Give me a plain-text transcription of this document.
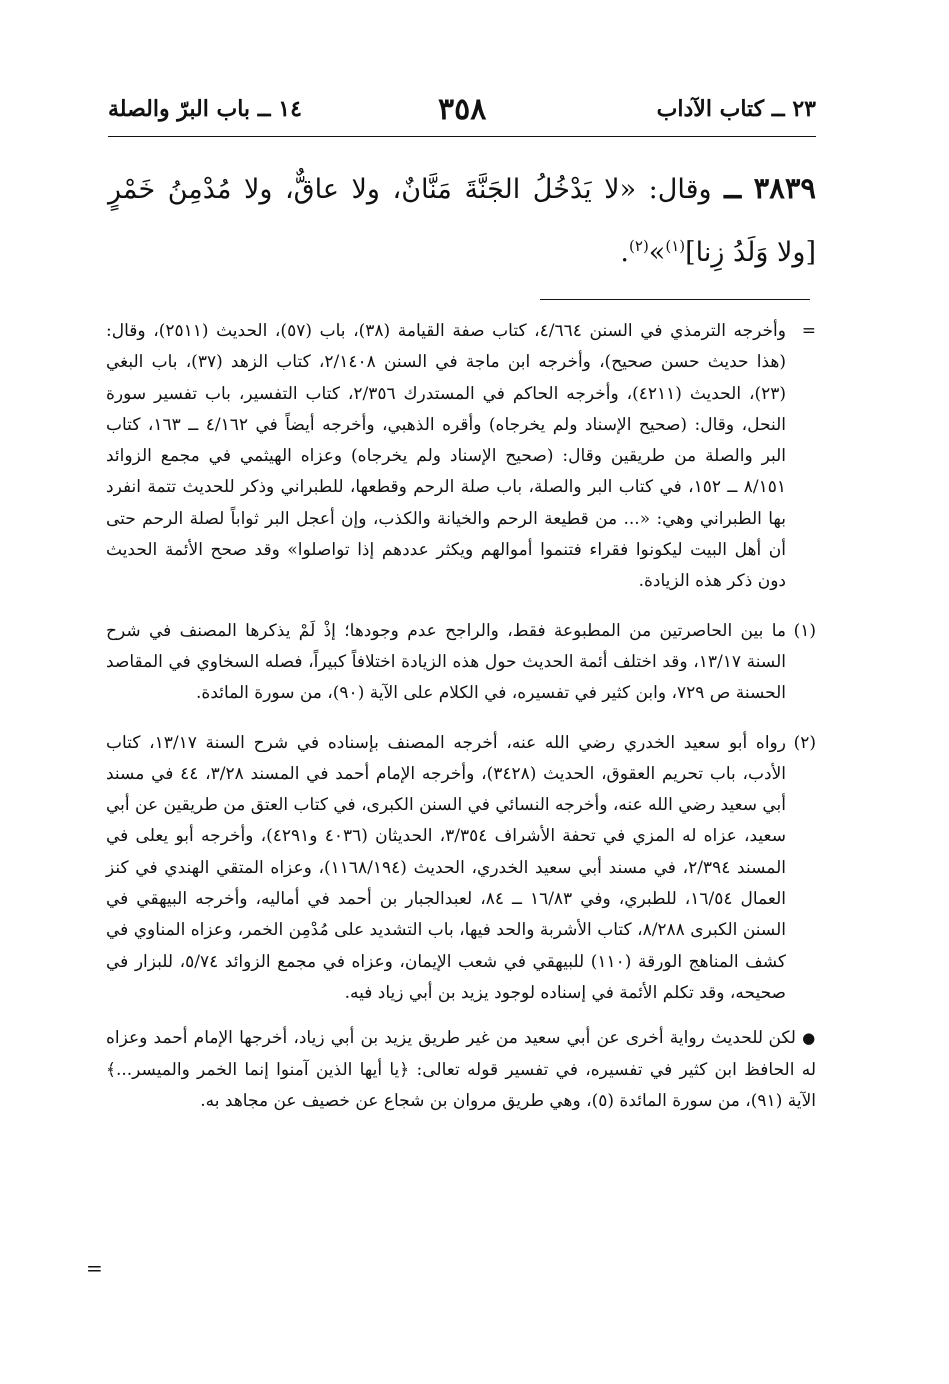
٢٣ ــ كتاب الآداب
٣٥٨
١٤ ــ باب البرّ والصلة
٣٨٣٩ ــ وقال: «لا يَدْخُلُ الجَنَّةَ مَنَّانٌ، ولا عاقٌّ، ولا مُدْمِنُ خَمْرٍ [ولا وَلَدُ زِنا]$^{(١)}$»$^{(٢)}$.
=
وأخرجه الترمذي في السنن ٤/٦٦٤، كتاب صفة القيامة (٣٨)، باب (٥٧)، الحديث (٢٥١١)، وقال: (هذا حديث حسن صحيح)، وأخرجه ابن ماجة في السنن ٢/١٤٠٨، كتاب الزهد (٣٧)، باب البغي (٢٣)، الحديث (٤٢١١)، وأخرجه الحاكم في المستدرك ٢/٣٥٦، كتاب التفسير، باب تفسير سورة النحل، وقال: (صحيح الإسناد ولم يخرجاه) وأقره الذهبي، وأخرجه أيضاً في ٤/١٦٢ ــ ١٦٣، كتاب البر والصلة من طريقين وقال: (صحيح الإسناد ولم يخرجاه) وعزاه الهيثمي في مجمع الزوائد ٨/١٥١ ــ ١٥٢، في كتاب البر والصلة، باب صلة الرحم وقطعها، للطبراني وذكر للحديث تتمة انفرد بها الطبراني وهي: «... من قطيعة الرحم والخيانة والكذب، وإن أعجل البر ثواباً لصلة الرحم حتى أن أهل البيت ليكونوا فقراء فتنموا أموالهم ويكثر عددهم إذا تواصلوا» وقد صحح الأئمة الحديث دون ذكر هذه الزيادة.
(١)
ما بين الحاصرتين من المطبوعة فقط، والراجح عدم وجودها؛ إذْ لَمْ يذكرها المصنف في شرح السنة ١٣/١٧، وقد اختلف أئمة الحديث حول هذه الزيادة اختلافاً كبيراً، فصله السخاوي في المقاصد الحسنة ص ٧٢٩، وابن كثير في تفسيره، في الكلام على الآية (٩٠)، من سورة المائدة.
(٢)
رواه أبو سعيد الخدري رضي الله عنه، أخرجه المصنف بإسناده في شرح السنة ١٣/١٧، كتاب الأدب، باب تحريم العقوق، الحديث (٣٤٢٨)، وأخرجه الإمام أحمد في المسند ٣/٢٨، ٤٤ في مسند أبي سعيد رضي الله عنه، وأخرجه النسائي في السنن الكبرى، في كتاب العتق من طريقين عن أبي سعيد، عزاه له المزي في تحفة الأشراف ٣/٣٥٤، الحديثان (٤٠٣٦ و٤٢٩١)، وأخرجه أبو يعلى في المسند ٢/٣٩٤، في مسند أبي سعيد الخدري، الحديث (١١٦٨/١٩٤)، وعزاه المتقي الهندي في كنز العمال ١٦/٥٤، للطبري، وفي ١٦/٨٣ ــ ٨٤، لعبدالجبار بن أحمد في أماليه، وأخرجه البيهقي في السنن الكبرى ٨/٢٨٨، كتاب الأشربة والحد فيها، باب التشديد على مُدْمِن الخمر، وعزاه المناوي في كشف المناهج الورقة (١١٠) للبيهقي في شعب الإيمان، وعزاه في مجمع الزوائد ٥/٧٤، للبزار في صحيحه، وقد تكلم الأئمة في إسناده لوجود يزيد بن أبي زياد فيه.
● لكن للحديث رواية أخرى عن أبي سعيد من غير طريق يزيد بن أبي زياد، أخرجها الإمام أحمد وعزاه له الحافظ ابن كثير في تفسيره، في تفسير قوله تعالى: ﴿يا أيها الذين آمنوا إنما الخمر والميسر...﴾ الآية (٩١)، من سورة المائدة (٥)، وهي طريق مروان بن شجاع عن خصيف عن مجاهد به.
=
